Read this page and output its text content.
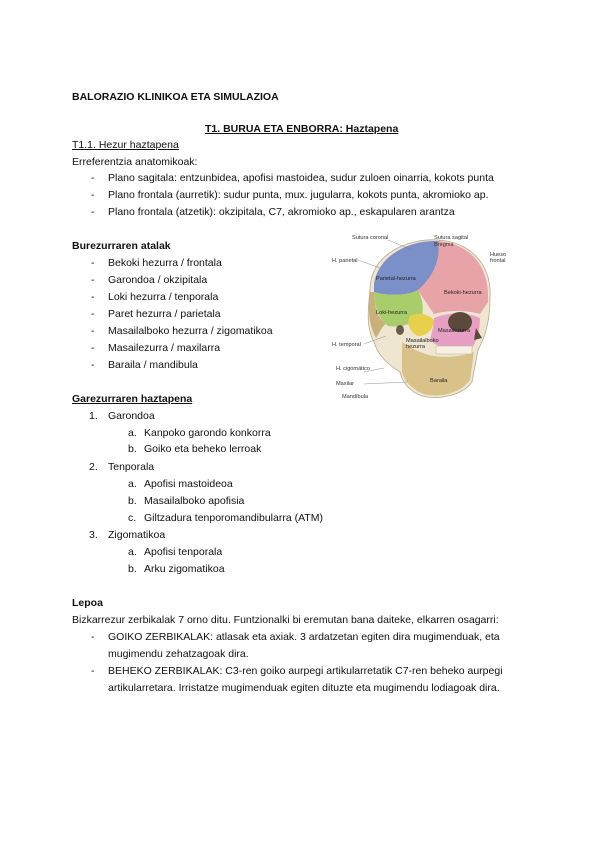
BALORAZIO KLINIKOA ETA SIMULAZIOA
T1. BURUA ETA ENBORRA: Haztapena
T1.1. Hezur haztapena
Erreferentzia anatomikoak:
- Plano sagitala: entzunbidea, apofisi mastoidea, sudur zuloen oinarria, kokots punta
- Plano frontala (aurretik): sudur punta, mux. jugularra, kokots punta, akromioko ap.
- Plano frontala (atzetik): okzipitala, C7, akromioko ap., eskapularen arantza
Burezurraren atalak
- Bekoki hezurra / frontala
- Garondoa / okzipitala
- Loki hezurra / tenporala
- Paret hezurra / parietala
- Masailalboko hezurra / zigomatikoa
- Masailezurra / maxilarra
- Baraila / mandibula
Sutura coronal	Sutura sagital
Bregma
Hueso
frontal
H. parietal
H. temporal
H. cigomático
Maxilar
Mandíbula
Parietal-hezurra
Bekoki-hezurra
Loki-hezurra
Masailezurra
Masailalboko
hezurra
Baraila
Garezurraren haztapena
1. Garondoa
a. Kanpoko garondo konkorra
b. Goiko eta beheko lerroak
2. Tenporala
a. Apofisi mastoideoa
b. Masailalboko apofisia
c. Giltzadura tenporomandibularra (ATM)
3. Zigomatikoa
a. Apofisi tenporala
b. Arku zigomatikoa
Lepoa
Bizkarrezur zerbikalak 7 orno ditu. Funtzionalki bi eremutan bana daiteke, elkarren osagarri:
- GOIKO ZERBIKALAK: atlasak eta axiak. 3 ardatzetan egiten dira mugimenduak, eta
mugimendu zehatzagoak dira.
- BEHEKO ZERBIKALAK: C3-ren goiko aurpegi artikularretatik C7-ren beheko aurpegi
artikularretara. Irristatze mugimenduak egiten dituzte eta mugimendu lodiagoak dira.
